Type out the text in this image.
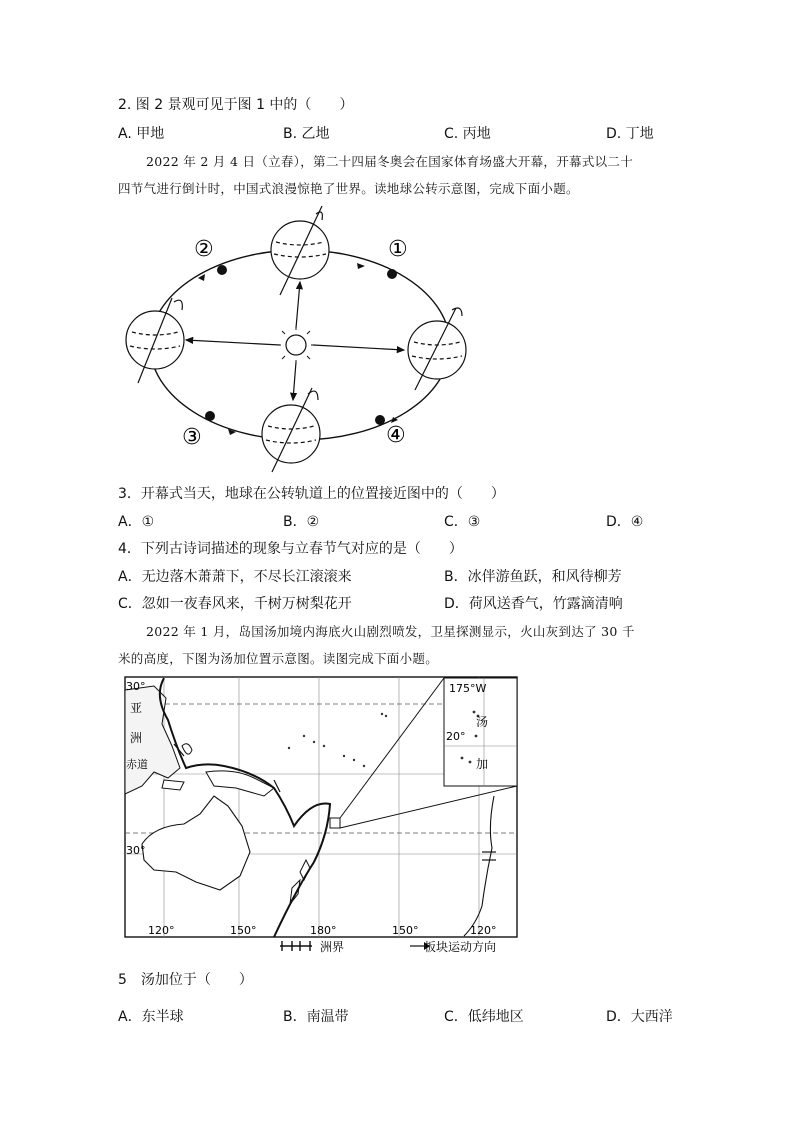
2. 图 2 景观可见于图 1 中的（　　）
A. 甲地	B. 乙地	C. 丙地	D. 丁地
2022 年 2 月 4 日（立春），第二十四届冬奥会在国家体育场盛大开幕，开幕式以二十
四节气进行倒计时，中国式浪漫惊艳了世界。读地球公转示意图，完成下面小题。
①
②
③	④
3．开幕式当天，地球在公转轨道上的位置接近图中的（　　）
A．①	B．②	C．③	D．④
4．下列古诗词描述的现象与立春节气对应的是（　　）
A．无边落木萧萧下，不尽长江滚滚来	B．冰伴游鱼跃，和风待柳芳
C．忽如一夜春风来，千树万树梨花开	D．荷风送香气，竹露滴清响
2022 年 1 月，岛国汤加境内海底火山剧烈喷发，卫星探测显示，火山灰到达了 30 千
米的高度，下图为汤加位置示意图。读图完成下面小题。
30°
亚
洲
赤道
30°
175°W
汤
20°
加
120°	150°	180°	150°	120°
洲界	板块运动方向
5　汤加位于（　　）
A．东半球	B．南温带	C．低纬地区	D．大西洋
